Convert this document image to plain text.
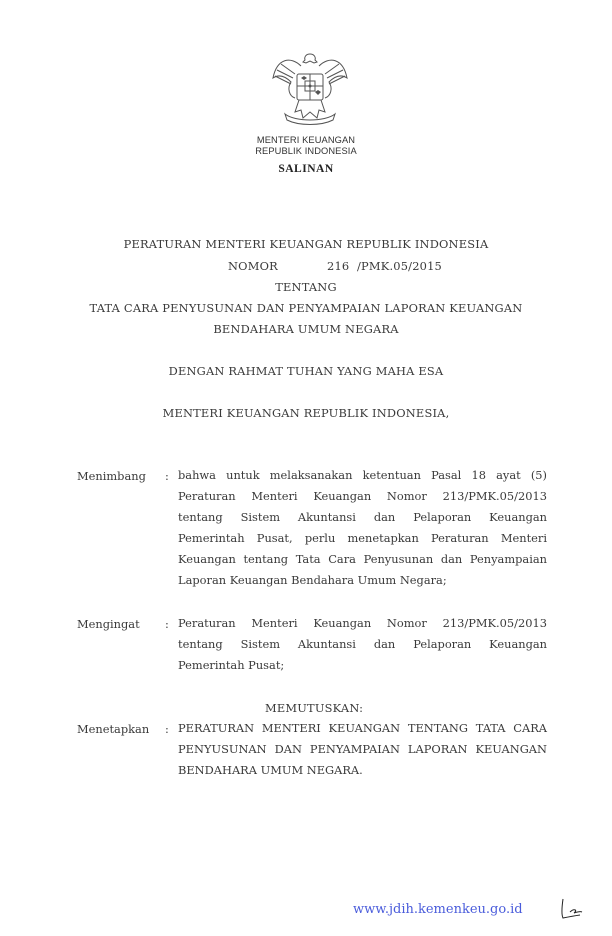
MENTERI KEUANGAN
REPUBLIK INDONESIA
SALINAN
PERATURAN MENTERI KEUANGAN REPUBLIK INDONESIA
NOMOR	216  /PMK.05/2015
TENTANG
TATA CARA PENYUSUNAN DAN PENYAMPAIAN LAPORAN KEUANGAN
BENDAHARA UMUM NEGARA
DENGAN RAHMAT TUHAN YANG MAHA ESA
MENTERI KEUANGAN REPUBLIK INDONESIA,
Menimbang : bahwa untuk melaksanakan ketentuan Pasal 18 ayat (5)
Peraturan Menteri Keuangan Nomor 213/PMK.05/2013
tentang Sistem Akuntansi dan Pelaporan Keuangan
Pemerintah Pusat, perlu menetapkan Peraturan Menteri
Keuangan tentang Tata Cara Penyusunan dan Penyampaian
Laporan Keuangan Bendahara Umum Negara;
Mengingat : Peraturan Menteri Keuangan Nomor 213/PMK.05/2013
tentang Sistem Akuntansi dan Pelaporan Keuangan
Pemerintah Pusat;
MEMUTUSKAN:
Menetapkan : PERATURAN MENTERI KEUANGAN TENTANG TATA CARA
PENYUSUNAN DAN PENYAMPAIAN LAPORAN KEUANGAN
BENDAHARA UMUM NEGARA.
www.jdih.kemenkeu.go.id
